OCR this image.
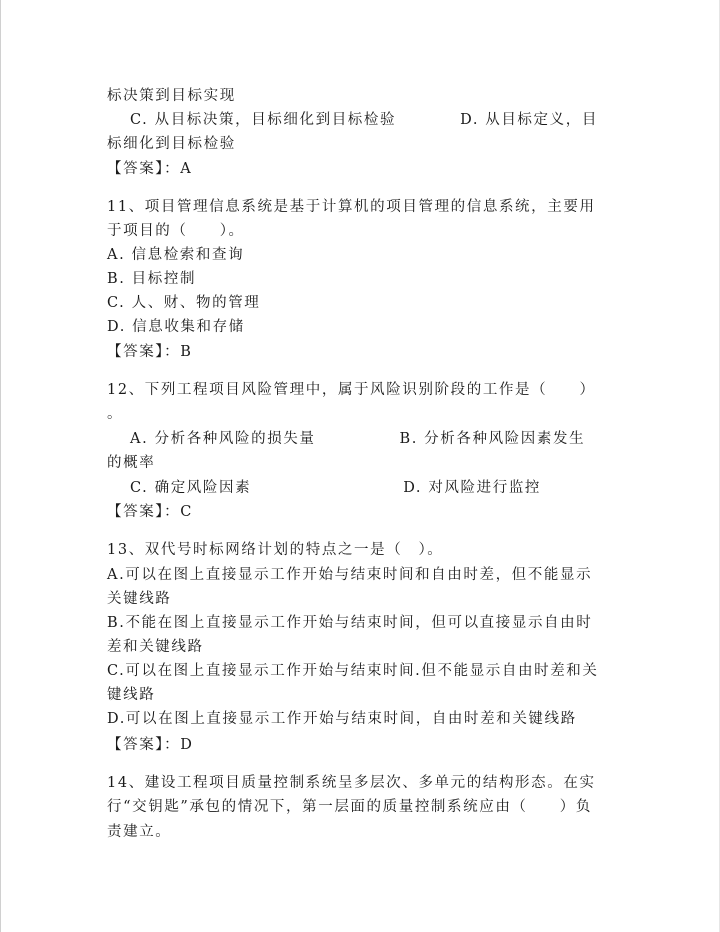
标决策到目标实现
C. 从目标决策，目标细化到目标检验	D. 从目标定义，目
标细化到目标检验
【答案】：A
11、项目管理信息系统是基于计算机的项目管理的信息系统，主要用
于项目的（　　）。
A. 信息检索和查询
B. 目标控制
C. 人、财、物的管理
D. 信息收集和存储
【答案】：B
12、下列工程项目风险管理中，属于风险识别阶段的工作是（　　）
。
A. 分析各种风险的损失量	B. 分析各种风险因素发生
的概率
C. 确定风险因素	D. 对风险进行监控
【答案】：C
13、双代号时标网络计划的特点之一是（　）。
A.可以在图上直接显示工作开始与结束时间和自由时差，但不能显示
关键线路
B.不能在图上直接显示工作开始与结束时间，但可以直接显示自由时
差和关键线路
C.可以在图上直接显示工作开始与结束时间.但不能显示自由时差和关
键线路
D.可以在图上直接显示工作开始与结束时间，自由时差和关键线路
【答案】：D
14、建设工程项目质量控制系统呈多层次、多单元的结构形态。在实
行“交钥匙”承包的情况下，第一层面的质量控制系统应由（　　）负
责建立。
